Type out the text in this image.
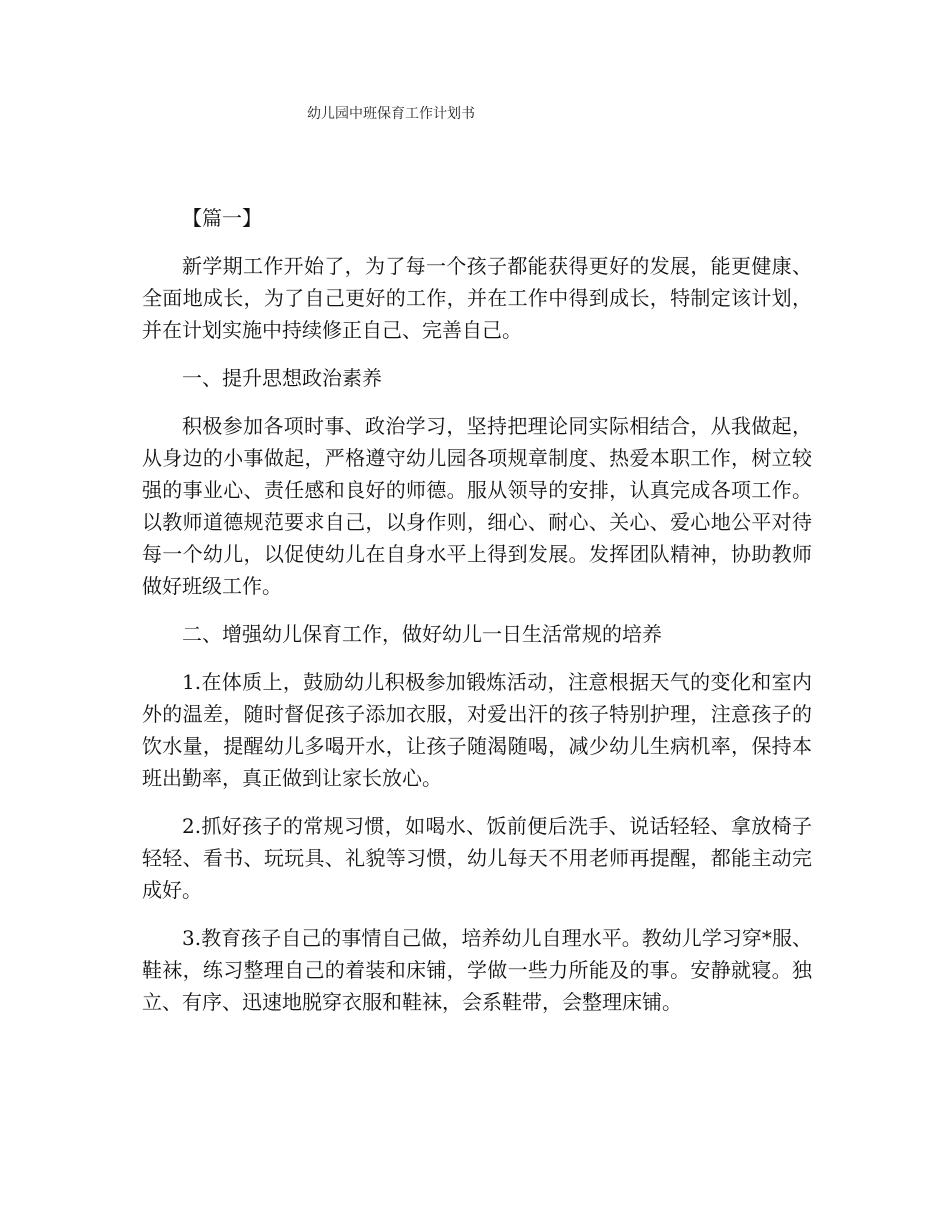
幼儿园中班保育工作计划书

【篇一】

新学期工作开始了，为了每一个孩子都能获得更好的发展，能更健康、全面地成长，为了自己更好的工作，并在工作中得到成长，特制定该计划，并在计划实施中持续修正自己、完善自己。

一、提升思想政治素养

积极参加各项时事、政治学习，坚持把理论同实际相结合，从我做起，从身边的小事做起，严格遵守幼儿园各项规章制度、热爱本职工作，树立较强的事业心、责任感和良好的师德。服从领导的安排，认真完成各项工作。以教师道德规范要求自己，以身作则，细心、耐心、关心、爱心地公平对待每一个幼儿，以促使幼儿在自身水平上得到发展。发挥团队精神，协助教师做好班级工作。

二、增强幼儿保育工作，做好幼儿一日生活常规的培养

1.在体质上，鼓励幼儿积极参加锻炼活动，注意根据天气的变化和室内外的温差，随时督促孩子添加衣服，对爱出汗的孩子特别护理，注意孩子的饮水量，提醒幼儿多喝开水，让孩子随渴随喝，减少幼儿生病机率，保持本班出勤率，真正做到让家长放心。

2.抓好孩子的常规习惯，如喝水、饭前便后洗手、说话轻轻、拿放椅子轻轻、看书、玩玩具、礼貌等习惯，幼儿每天不用老师再提醒，都能主动完成好。

3.教育孩子自己的事情自己做，培养幼儿自理水平。教幼儿学习穿*服、鞋袜，练习整理自己的着装和床铺，学做一些力所能及的事。安静就寝。独立、有序、迅速地脱穿衣服和鞋袜，会系鞋带，会整理床铺。
